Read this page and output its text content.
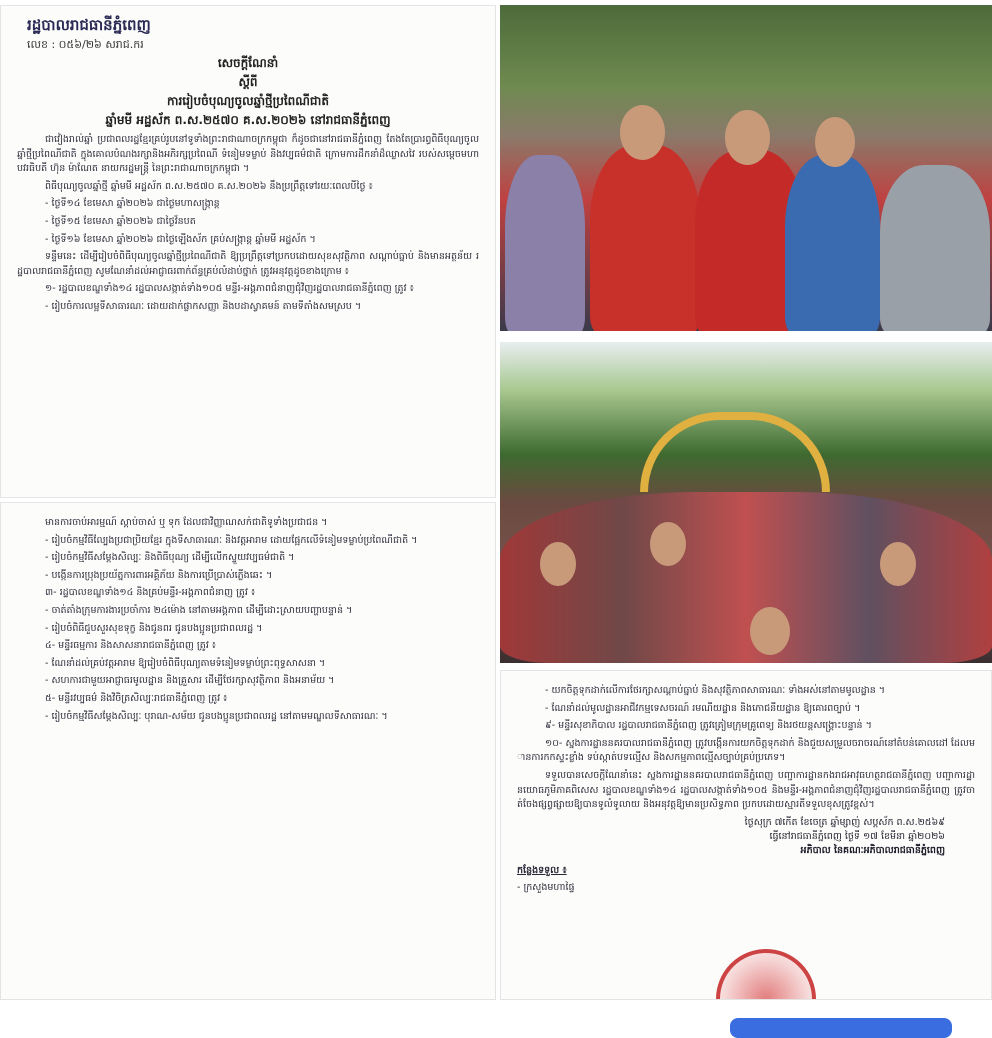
រដ្ឋបាលរាជធានីភ្នំពេញ
លេខ : ០៥៦/២៦ សរាជ.ករ
សេចក្ដីណែនាំ
ស្ដីពី
ការរៀបចំបុណ្យចូលឆ្នាំថ្មីប្រពៃណីជាតិ
ឆ្នាំមមី អដ្ឋស័ក ព.ស.២៥៧០ គ.ស.២០២៦ នៅរាជធានីភ្នំពេញ

ជាវៀងរាល់ឆ្នាំ ប្រជាពលរដ្ឋខ្មែរគ្រប់រូបនៅទូទាំងព្រះរាជាណាចក្រកម្ពុជា ក៏ដូចជានៅរាជធានីភ្នំពេញ តែងតែប្រារព្ធពិធីបុណ្យចូលឆ្នាំថ្មីប្រពៃណីជាតិ ក្នុងគោលបំណងរក្សានិងអភិរក្សប្រពៃណី ទំនៀមទម្លាប់ និងវប្បធម៌ជាតិ ក្រោមការដឹកនាំដ៏ឈ្លាសវៃ របស់សម្ដេចមហាបវរធិបតី ហ៊ុន ម៉ាណែត នាយករដ្ឋមន្ត្រី នៃព្រះរាជាណាចក្រកម្ពុជា ។

ពិធីបុណ្យចូលឆ្នាំថ្មី ឆ្នាំមមី អដ្ឋស័ក ព.ស.២៥៧០ គ.ស.២០២៦ នឹងប្រព្រឹត្តទៅរយៈពេលបីថ្ងៃ ៖

- ថ្ងៃទី១៤ ខែមេសា ឆ្នាំ២០២៦ ជាថ្ងៃមហាសង្ក្រាន្ត

- ថ្ងៃទី១៥ ខែមេសា ឆ្នាំ២០២៦ ជាថ្ងៃវ័នបត

- ថ្ងៃទី១៦ ខែមេសា ឆ្នាំ២០២៦ ជាថ្ងៃឡើងស័ក គ្រប់សង្ក្រាន្ត ឆ្នាំមមី អដ្ឋស័ក ។

ទន្ទឹមនេះ ដើម្បីរៀបចំពិធីបុណ្យចូលឆ្នាំថ្មីប្រពៃណីជាតិ ឱ្យប្រព្រឹត្តទៅប្រកបដោយសុខសុវត្ថិភាព សណ្ដាប់ធ្នាប់ និងមានអត្ថន័យ រដ្ឋបាលរាជធានីភ្នំពេញ សូមណែនាំដល់អាជ្ញាធរពាក់ព័ន្ធគ្រប់លំដាប់ថ្នាក់ ត្រូវអនុវត្តដូចខាងក្រោម ៖

១- រដ្ឋបាលខណ្ឌទាំង១៤ រដ្ឋបាលសង្កាត់ទាំង១០៥ មន្ទីរ-អង្គភាពជំនាញជុំវិញរដ្ឋបាលរាជធានីភ្នំពេញ ត្រូវ ៖

- រៀបចំការលម្អទីសាធារណៈ ដោយដាក់ផ្លាកសញ្ញា និងបដាស្វាគមន៍ តាមទីតាំងសមស្រប ។

មានការចាប់អារម្មណ៍ ស្ដាប់ចាស់ ឬ ទុក ដែលជាវិញ្ញាណសក់ជាតិទូទាំងប្រជាជន ។

- រៀបចំកម្មវិធីល្បែងប្រជាប្រិយខ្មែរ ក្នុងទីសាធារណៈ និងវត្តអារាម ដោយផ្អែកលើទំនៀមទម្លាប់ប្រពៃណីជាតិ ។

- រៀបចំកម្មវិធីសម្ដែងសិល្បៈ និងពិធីបុណ្យ ដើម្បីលើកស្ទួយវប្បធម៌ជាតិ ។

- បង្កើនការប្រុងប្រយ័ត្នការពារអគ្គិភ័យ និងការប្រើប្រាស់ភ្លើងឆេះ ។

៣- រដ្ឋបាលខណ្ឌទាំង១៤ និងគ្រប់មន្ទីរ-អង្គភាពជំនាញ ត្រូវ ៖

- ចាត់តាំងក្រុមការងារប្រចាំការ ២៤ម៉ោង នៅតាមអង្គភាព ដើម្បីដោះស្រាយបញ្ហាបន្ទាន់ ។

- រៀបចំពិធីជួបសួរសុខទុក្ខ និងជូនពរ ជូនបងប្អូនប្រជាពលរដ្ឋ ។

៤- មន្ទីរធម្មការ និងសាសនារាជធានីភ្នំពេញ ត្រូវ ៖

- ណែនាំដល់គ្រប់វត្តអារាម ឱ្យរៀបចំពិធីបុណ្យតាមទំនៀមទម្លាប់ព្រះពុទ្ធសាសនា ។

- សហការជាមួយអាជ្ញាធរមូលដ្ឋាន និងគ្រួសារ ដើម្បីថែរក្សាសុវត្ថិភាព និងអនាម័យ ។

៥- មន្ទីរវប្បធម៌ និងវិចិត្រសិល្បៈរាជធានីភ្នំពេញ ត្រូវ ៖

- រៀបចំកម្មវិធីសម្ដែងសិល្បៈ បុរាណ-សម័យ ជូនបងប្អូនប្រជាពលរដ្ឋ នៅតាមមណ្ឌលទីសាធារណៈ ។

- យកចិត្តទុកដាក់លើការថែរក្សាសណ្ដាប់ធ្នាប់ និងសុវត្ថិភាពសាធារណៈ ទាំងអស់នៅតាមមូលដ្ឋាន ។

- ណែនាំដល់មូលដ្ឋានអាជីវកម្មទេសចរណ៍ រមណីយដ្ឋាន និងភោជនីយដ្ឋាន ឱ្យគោរពច្បាប់ ។

៩- មន្ទីរសុខាភិបាល រដ្ឋបាលរាជធានីភ្នំពេញ ត្រូវត្រៀមក្រុមគ្រូពេទ្យ និងរថយន្តសង្គ្រោះបន្ទាន់ ។

១០- ស្នងការដ្ឋាននគរបាលរាជធានីភ្នំពេញ ត្រូវបង្កើនការយកចិត្តទុកដាក់ និងជួយសម្រួលចរាចរណ៍នៅតំបន់គោលដៅ ដែលមានការកកស្ទះខ្លាំង ទប់ស្កាត់បទល្មើស និងសកម្មភាពល្មើសច្បាប់គ្រប់ប្រភេទ។

ទទួលបានសេចក្ដីណែនាំនេះ ស្នងការដ្ឋាននគរបាលរាជធានីភ្នំពេញ បញ្ជាការដ្ឋានកងរាជអាវុធហត្ថរាជធានីភ្នំពេញ បញ្ជាការដ្ឋានយោធភូមិភាគពិសេស រដ្ឋបាលខណ្ឌទាំង១៤ រដ្ឋបាលសង្កាត់ទាំង១០៥ និងមន្ទីរ-អង្គភាពជំនាញជុំវិញរដ្ឋបាលរាជធានីភ្នំពេញ ត្រូវចាត់ចែងផ្សព្វផ្សាយឱ្យបានទូលំទូលាយ និងអនុវត្តឱ្យមានប្រសិទ្ធភាព ប្រកបដោយស្មារតីទទួលខុសត្រូវខ្ពស់។

ថ្ងៃសុក្រ ៧កើត ខែចេត្រ ឆ្នាំម្សាញ់ សប្តស័ក ព.ស.២៥៦៩
ធ្វើនៅរាជធានីភ្នំពេញ ថ្ងៃទី ១៧ ខែមីនា ឆ្នាំ២០២៦
អភិបាល នៃគណៈអភិបាលរាជធានីភ្នំពេញ
កន្លែងទទួល ៖
- ក្រសួងមហាផ្ទៃ
